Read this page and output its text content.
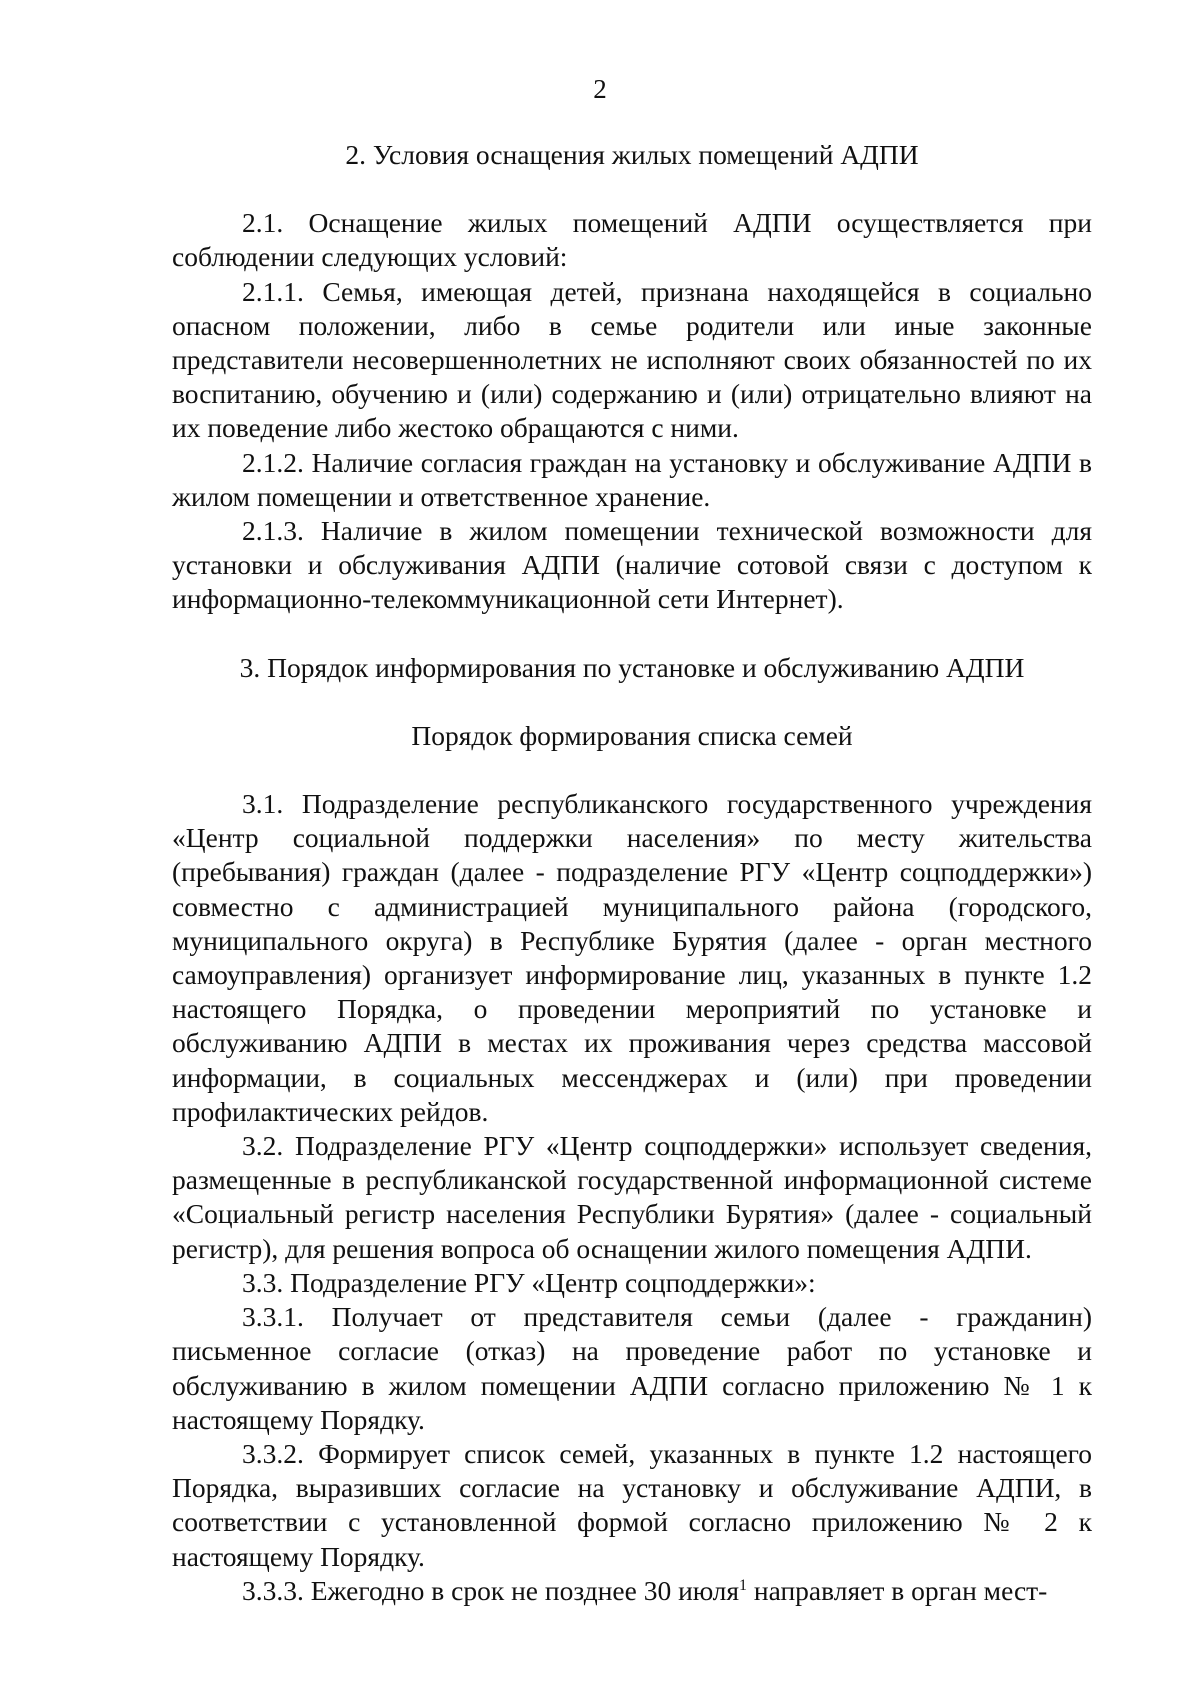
2
2. Условия оснащения жилых помещений АДПИ

2.1. Оснащение жилых помещений АДПИ осуществляется при соблюдении следующих условий:

2.1.1. Семья, имеющая детей, признана находящейся в социально опасном положении, либо в семье родители или иные законные представители несовершеннолетних не исполняют своих обязанностей по их воспитанию, обучению и (или) содержанию и (или) отрицательно влияют на их поведение либо жестоко обращаются с ними.

2.1.2. Наличие согласия граждан на установку и обслуживание АДПИ в жилом помещении и ответственное хранение.

2.1.3. Наличие в жилом помещении технической возможности для установки и обслуживания АДПИ (наличие сотовой связи с доступом к информационно-телекоммуникационной сети Интернет).

3. Порядок информирования по установке и обслуживанию АДПИ
Порядок формирования списка семей

3.1. Подразделение республиканского государственного учреждения «Центр социальной поддержки населения» по месту жительства (пребывания) граждан (далее - подразделение РГУ «Центр соцподдержки») совместно с администрацией муниципального района (городского, муниципального округа) в Республике Бурятия (далее - орган местного самоуправления) организует информирование лиц, указанных в пункте 1.2 настоящего Порядка, о проведении мероприятий по установке и обслуживанию АДПИ в местах их проживания через средства массовой информации, в социальных мессенджерах и (или) при проведении профилактических рейдов.

3.2. Подразделение РГУ «Центр соцподдержки» использует сведения, размещенные в республиканской государственной информационной системе «Социальный регистр населения Республики Бурятия» (далее - социальный регистр), для решения вопроса об оснащении жилого помещения АДПИ.

3.3. Подразделение РГУ «Центр соцподдержки»:

3.3.1. Получает от представителя семьи (далее - гражданин) письменное согласие (отказ) на проведение работ по установке и обслуживанию в жилом помещении АДПИ согласно приложению № 1 к настоящему Порядку.

3.3.2. Формирует список семей, указанных в пункте 1.2 настоящего Порядка, выразивших согласие на установку и обслуживание АДПИ, в соответствии с установленной формой согласно приложению № 2 к настоящему Порядку.

3.3.3. Ежегодно в срок не позднее 30 июля$^1$ направляет в орган мест-
